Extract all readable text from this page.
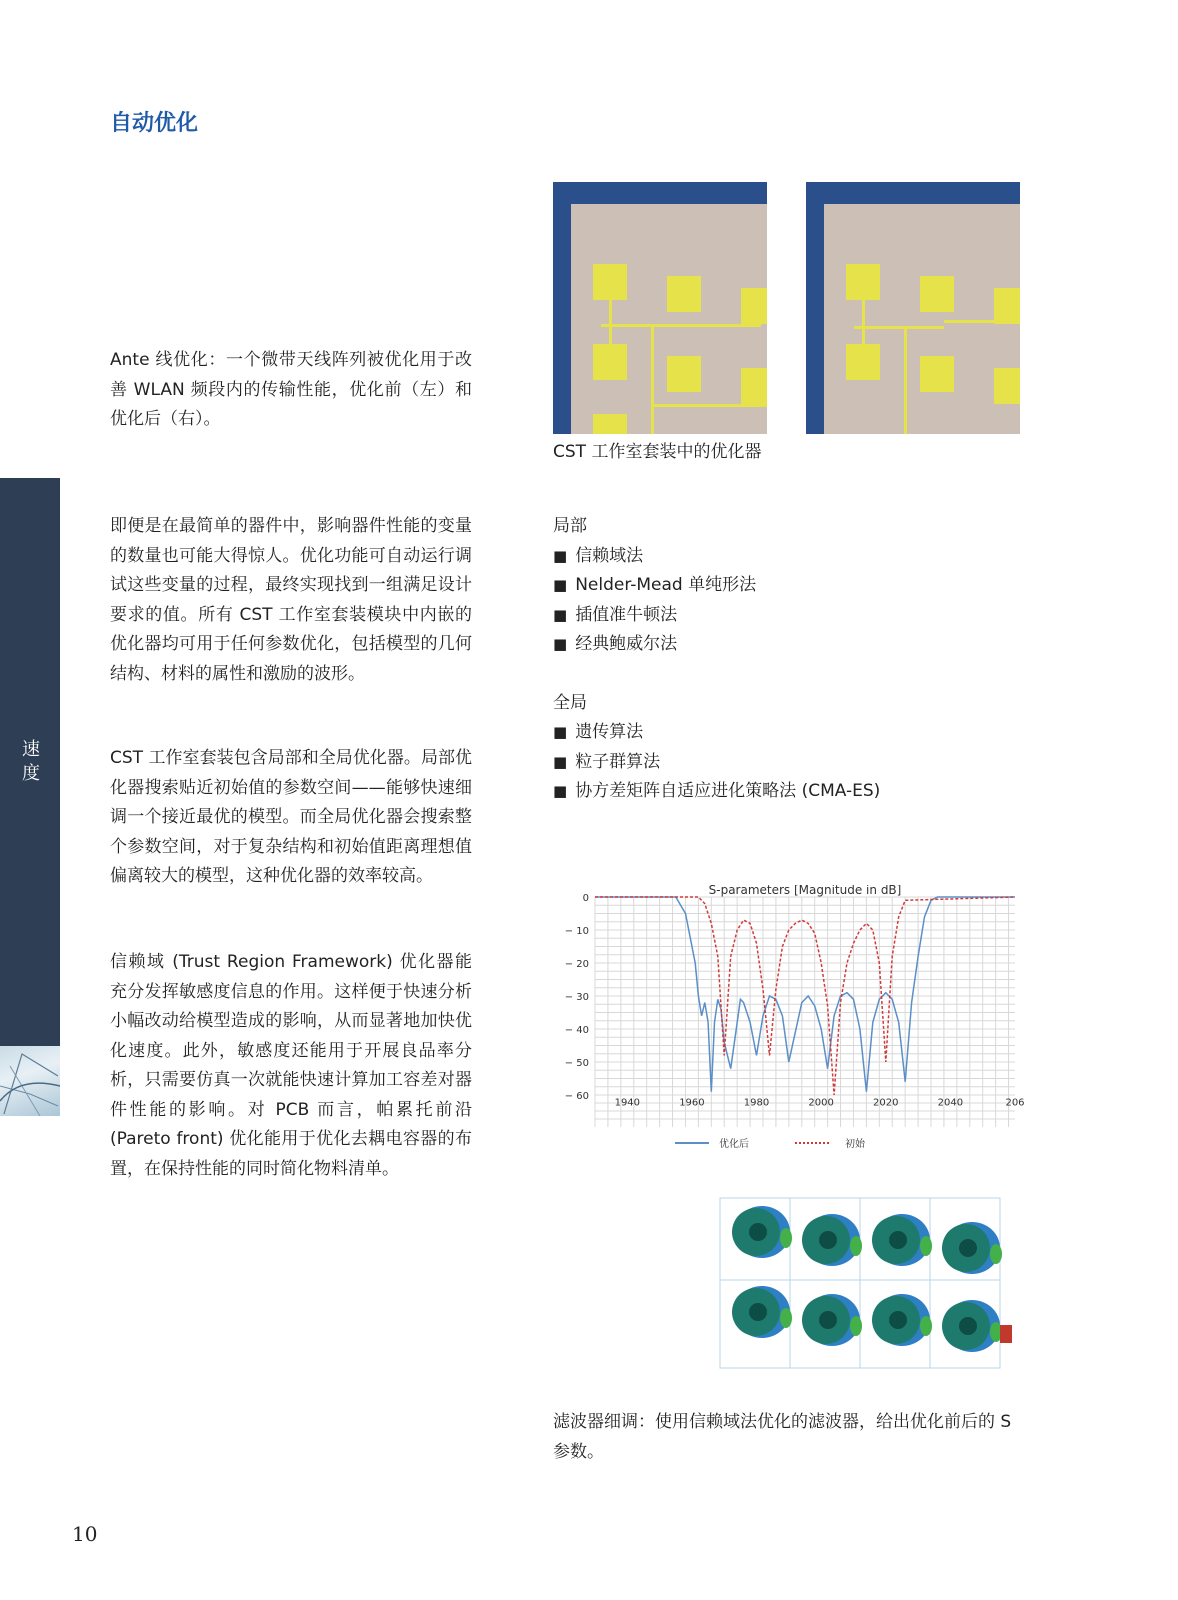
自动优化
速度
Ante 线优化：一个微带天线阵列被优化用于改善 WLAN 频段内的传输性能，优化前（左）和优化后（右）。
即便是在最简单的器件中，影响器件性能的变量的数量也可能大得惊人。优化功能可自动运行调试这些变量的过程，最终实现找到一组满足设计要求的值。所有 CST 工作室套装模块中内嵌的优化器均可用于任何参数优化，包括模型的几何结构、材料的属性和激励的波形。
CST 工作室套装包含局部和全局优化器。局部优化器搜索贴近初始值的参数空间——能够快速细调一个接近最优的模型。而全局优化器会搜索整个参数空间，对于复杂结构和初始值距离理想值偏离较大的模型，这种优化器的效率较高。
信赖域 (Trust Region Framework) 优化器能充分发挥敏感度信息的作用。这样便于快速分析小幅改动给模型造成的影响，从而显著地加快优化速度。此外，敏感度还能用于开展良品率分析，只需要仿真一次就能快速计算加工容差对器件性能的影响。对 PCB 而言，帕累托前沿 (Pareto front) 优化能用于优化去耦电容器的布置，在保持性能的同时简化物料清单。
CST 工作室套装中的优化器
局部
■ 信赖域法
■ Nelder-Mead 单纯形法
■ 插值准牛顿法
■ 经典鲍威尔法
全局
■ 遗传算法
■ 粒子群算法
■ 协方差矩阵自适应进化策略法 (CMA-ES)
S-parameters [Magnitude in dB]
0
− 10
− 20
− 30
− 40
− 50
− 60
1940	1960	1980	2000	2020	2040	206
优化后	初始
滤波器细调：使用信赖域法优化的滤波器，给出优化前后的 S 参数。
10
